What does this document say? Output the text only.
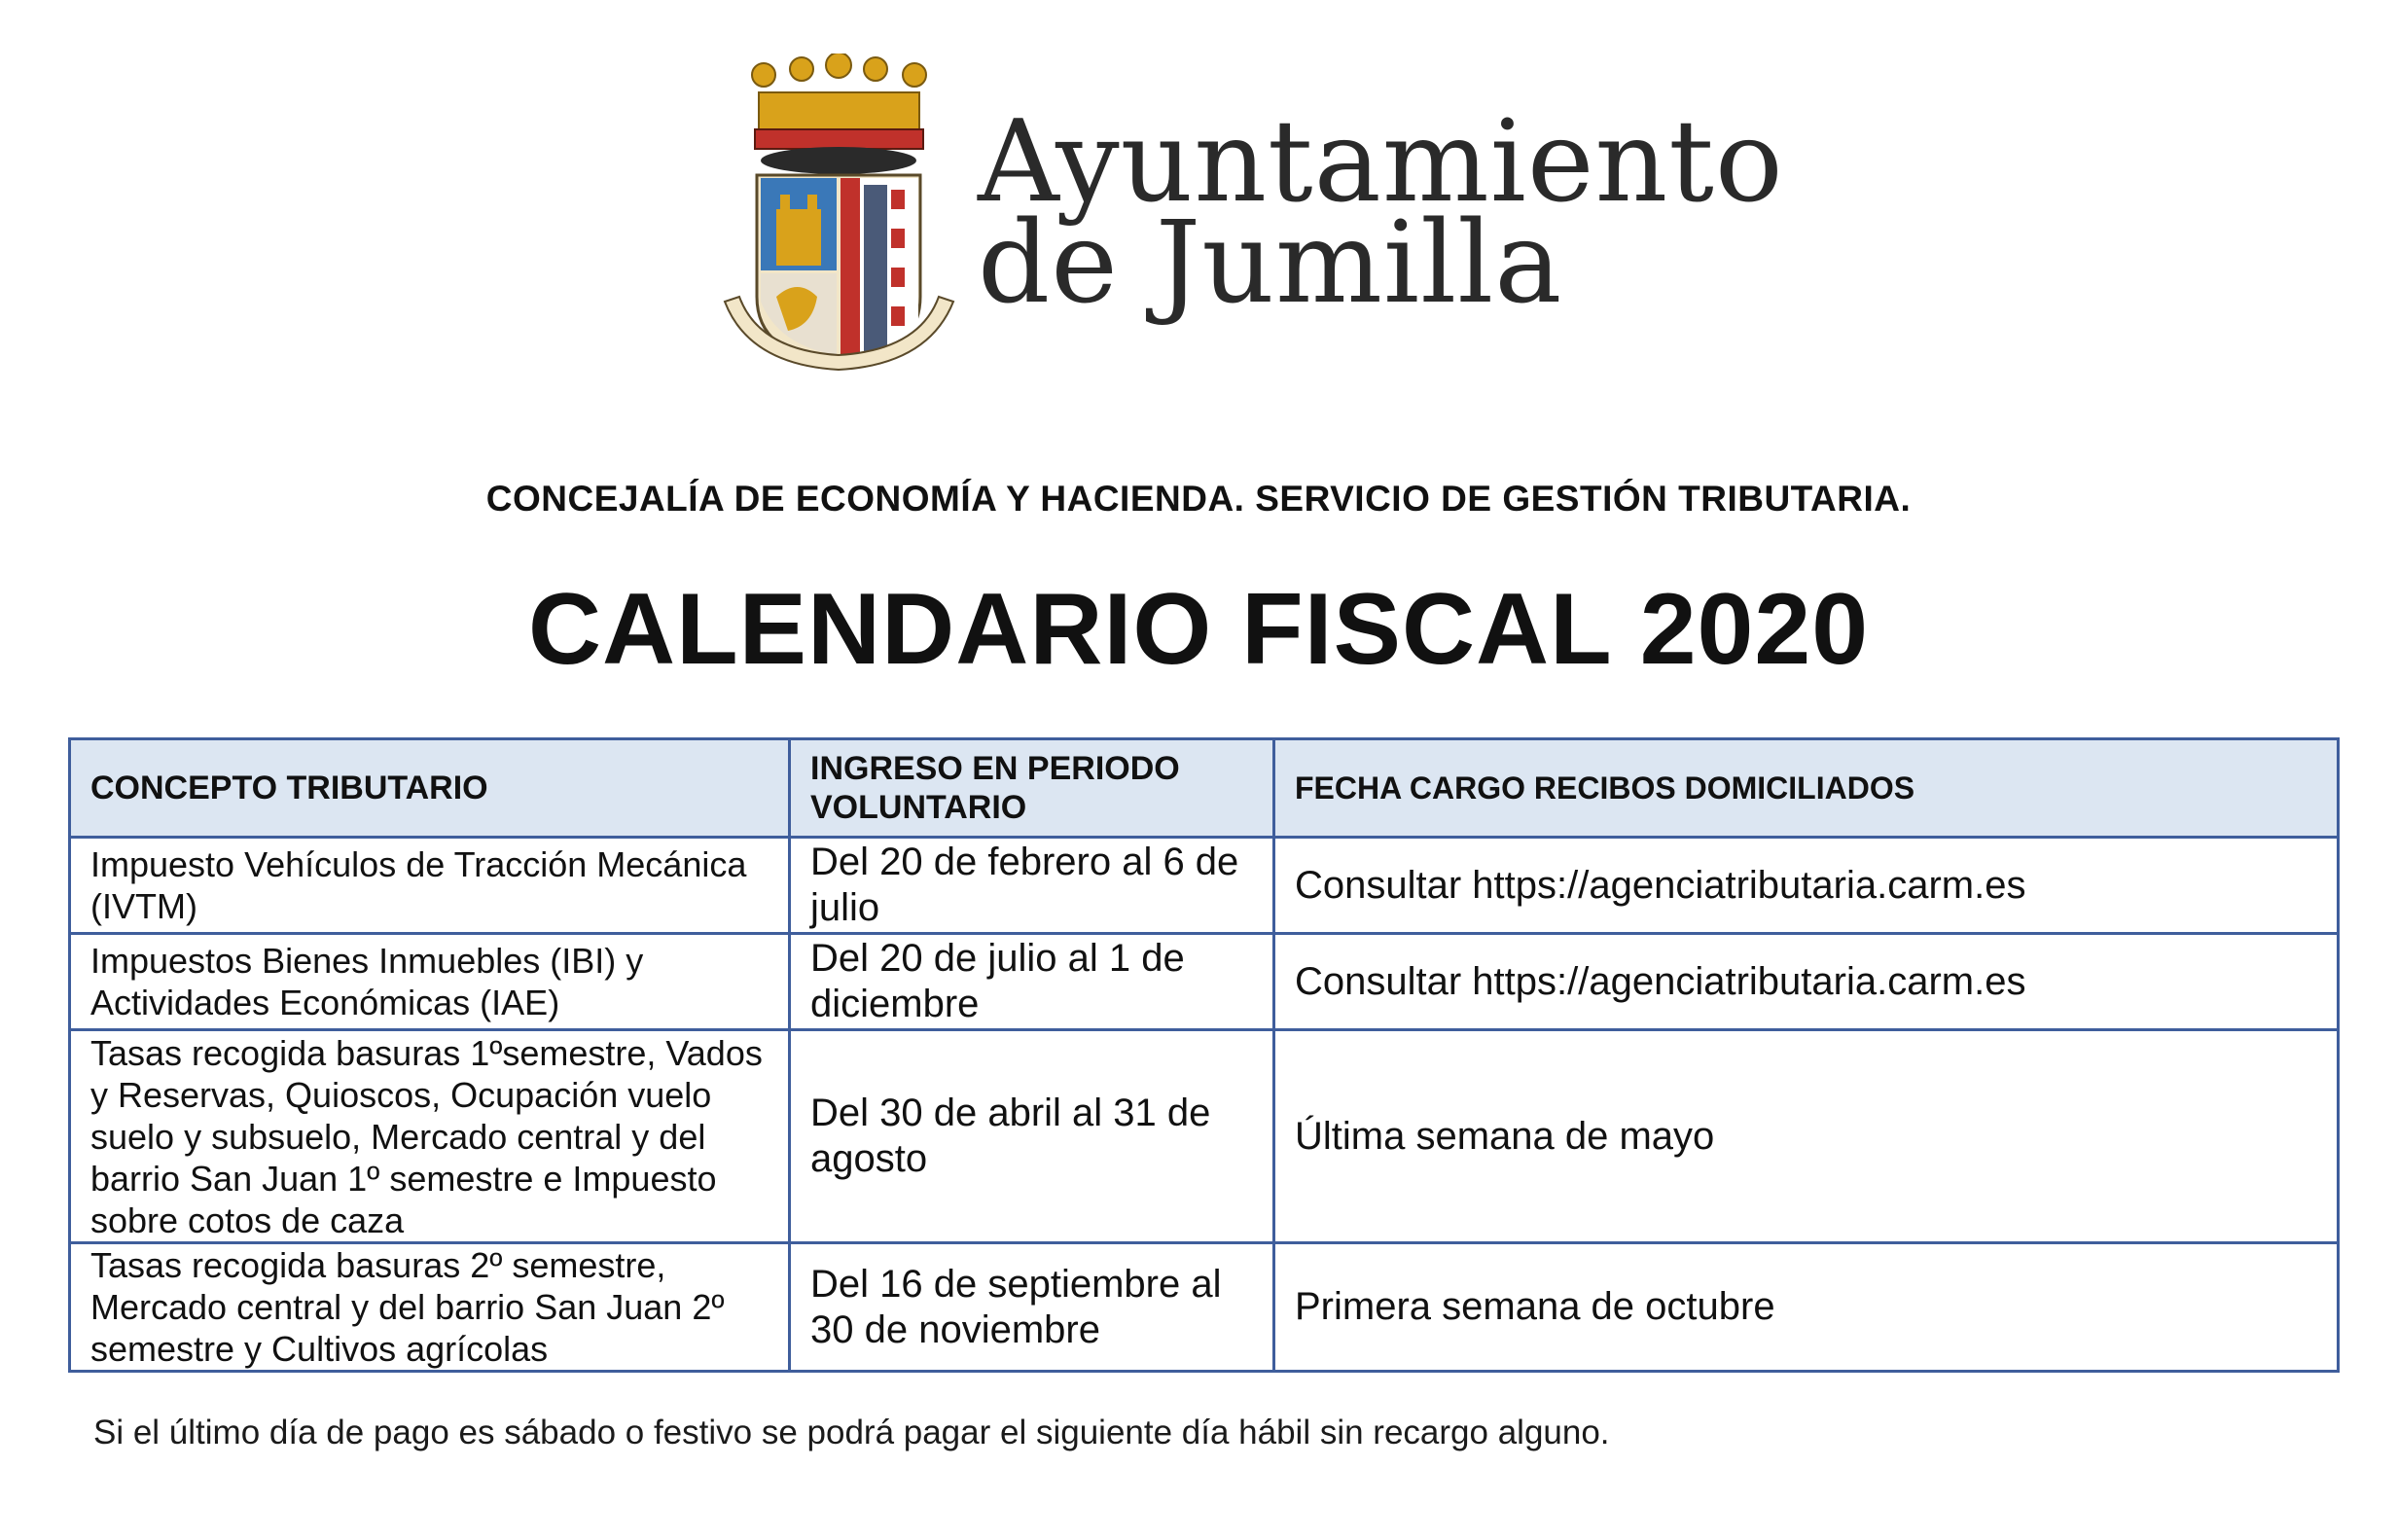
Ayuntamiento
de Jumilla
CONCEJALÍA DE ECONOMÍA Y HACIENDA. SERVICIO DE GESTIÓN TRIBUTARIA.
CALENDARIO FISCAL 2020
CONCEPTO TRIBUTARIO	INGRESO EN PERIODO VOLUNTARIO	FECHA CARGO RECIBOS DOMICILIADOS
Impuesto Vehículos de Tracción Mecánica (IVTM)	Del 20 de febrero al 6 de julio	Consultar https://agenciatributaria.carm.es
Impuestos Bienes Inmuebles (IBI) y Actividades Económicas (IAE)	Del 20 de julio al 1 de diciembre	Consultar https://agenciatributaria.carm.es
Tasas recogida basuras 1ºsemestre, Vados y Reservas, Quioscos, Ocupación vuelo suelo y subsuelo, Mercado central y del barrio San Juan 1º semestre e Impuesto sobre cotos de caza	Del 30 de abril al 31 de agosto	Última semana de mayo
Tasas recogida basuras 2º semestre, Mercado central y del barrio San Juan 2º semestre y Cultivos agrícolas	Del 16 de septiembre al 30 de noviembre	Primera semana de octubre
Si el último día de pago es sábado o festivo se podrá pagar el siguiente día hábil sin recargo alguno.
